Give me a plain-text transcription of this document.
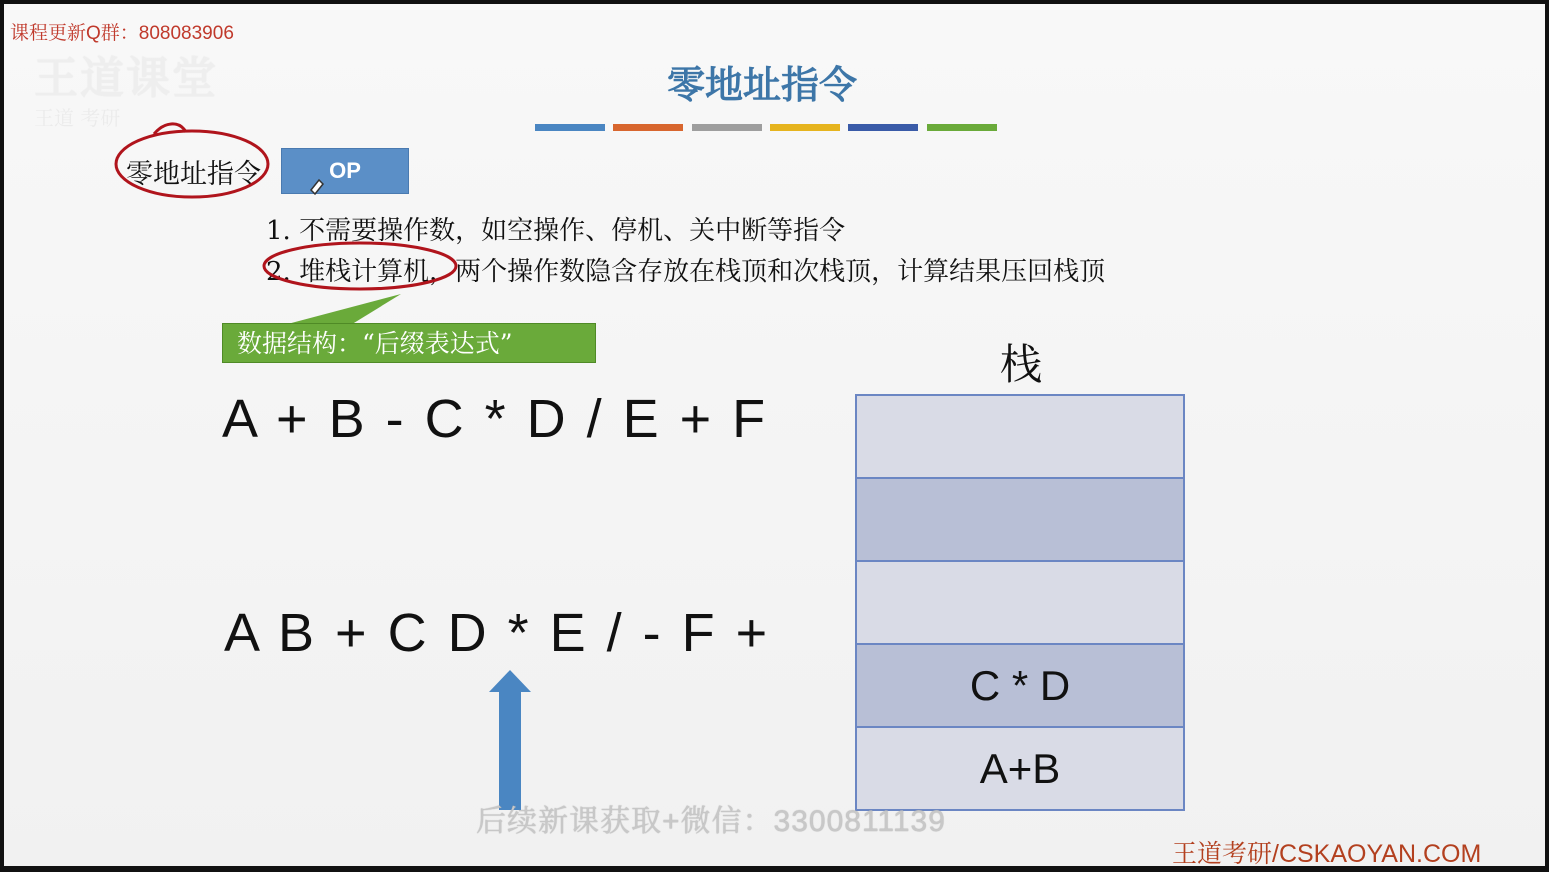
课程更新Q群：808083906
王道课堂
王道 考研
零地址指令
零地址指令	OP
1. 不需要操作数，如空操作、停机、关中断等指令
2. 堆栈计算机，两个操作数隐含存放在栈顶和次栈顶，计算结果压回栈顶
数据结构：“后缀表达式”
A + B - C * D / E + F
A B + C D * E / - F +
栈
C * D
A+B
后续新课获取+微信：3300811139
王道考研/CSKAOYAN.COM
